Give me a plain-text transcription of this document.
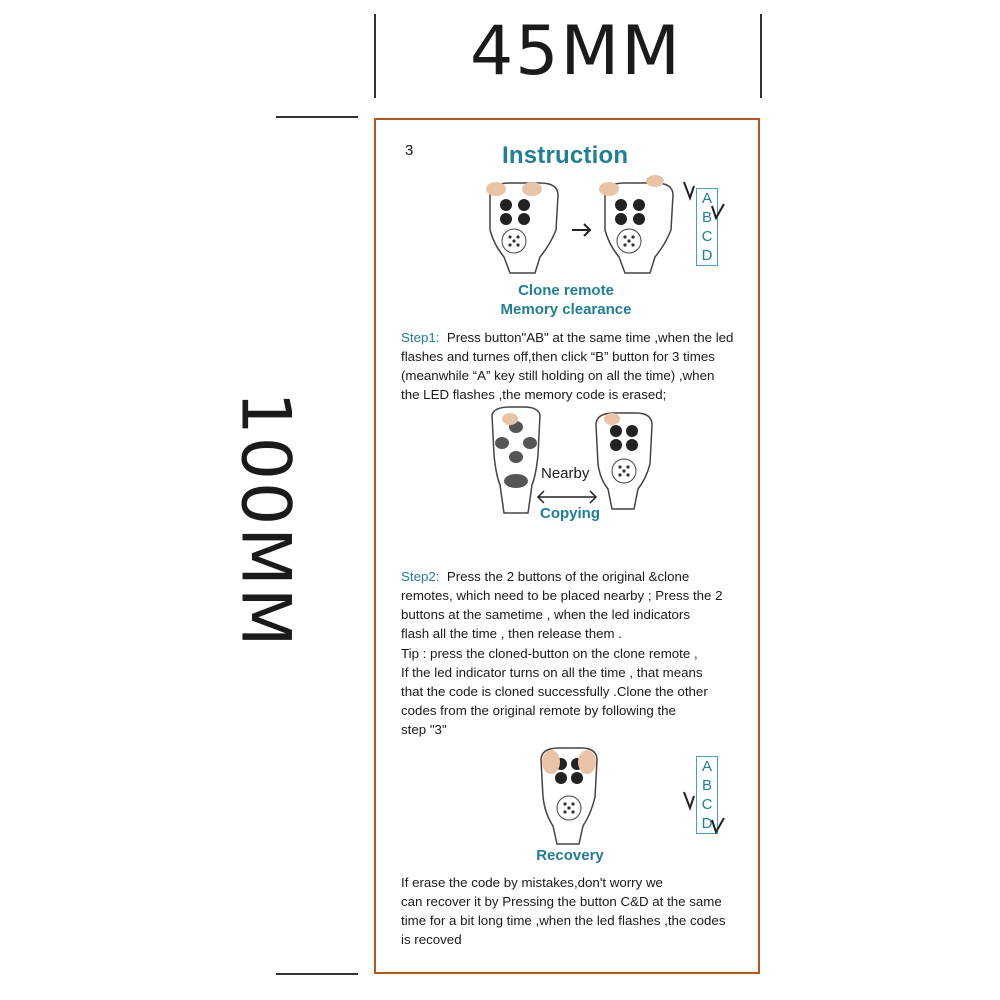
45MM
100MM
3	Instruction
A
B
C
D
Clone remote
Memory clearance
Step1: Press button"AB" at the same time ,when the led
flashes and turnes off,then click “B” button for 3 times
(meanwhile “A” key still holding on all the time) ,when
the LED flashes ,the memory code is erased;
Nearby
Copying
Step2: Press the 2 buttons of the original &clone
remotes, which need to be placed nearby ; Press the 2
buttons at the sametime , when the led indicators
flash all the time , then release them .
Tip : press the cloned-button on the clone remote ,
If the led indicator turns on all the time , that means
that the code is cloned successfully .Clone the other
codes from the original remote by following the
step "3"
A
B
C
D
Recovery
If erase the code by mistakes,don't worry we
can recover it by Pressing the button C&D at the same
time for a bit long time ,when the led flashes ,the codes
is recoved
